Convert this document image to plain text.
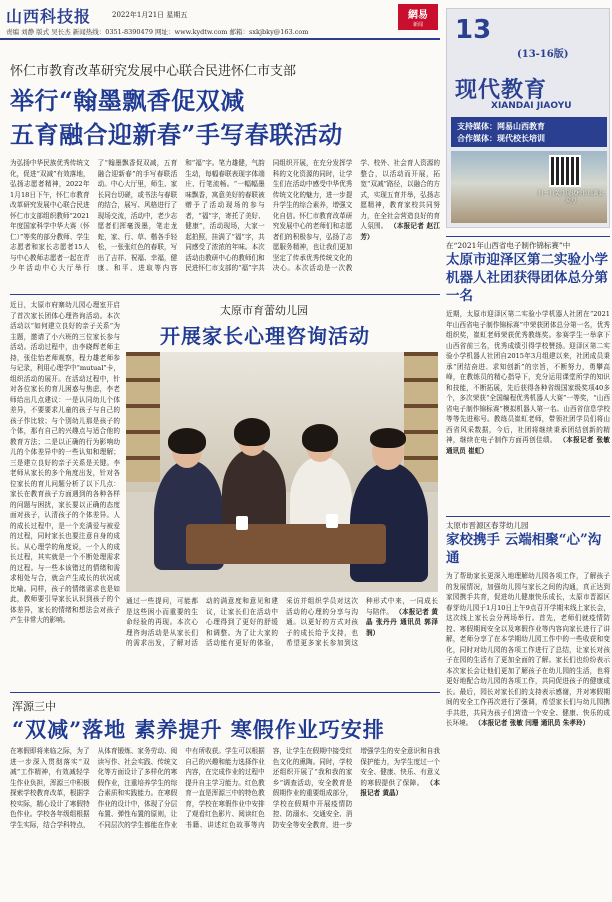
山西科技报	2022年1月21日 星期五
责编 刘静 版式 吴长杰 新闻热线：0351-8390479 网址：www.kydtw.com 邮箱：sxkjbky@163.com
網易
新闻	13
(13-16版)
现代教育
XIANDAI JIAOYU
支持媒体：网易山西教育
合作媒体：现代校长培训
扫一扫关注现代校长培训公众号
怀仁市教育改革研究发展中心联合民进怀仁市支部
举行“翰墨飘香促双减
五育融合迎新春”手写春联活动
为弘扬中华民族优秀传统文化，促进“双减”有效落地，弘扬志愿者精神，2022年1月18日下午，怀仁市教育改革研究发展中心联合民进怀仁市支部组织教师“2021年度国家科学中华大赛（怀仁）”等奖的部分教师、学生志愿者和家长志愿者15人与中心教师志愿者一起在青少年活动中心大厅举行了“翰墨飘香促双减，五育融合迎新春”的手写春联活动。中心大厅里，师生、家长同台切磋，或书法与春联的结合，展写、风格进行了现场交流，活动中，老少志愿者们挥毫泼墨，笔走龙蛇，家、行、草、楷各手轻松，一张张红色的春联，写出了吉祥、祝福、幸福，健康、和平、进取等内容和“福”字。笔力雄健，气韵生动，每幅春联表现字体端庄、行笔流畅。“一幅幅墨味飘香，寓意美好的春联被赠予了活动现场的参与者，“福”字，寄托了美好、健康”，活动现场，大家一起拍照，挂满了“福”字，共同感受了浓浓的年味。本次活动由教研中心的教师们和民进怀仁市支部的“福”字共同组织开展，在充分发挥学科的文化资源的同时，让学生们在活动中感受中华优秀传统文化的魅力，进一步提升学生的综合素养，增强文化自信。怀仁市教育改革研究发展中心的老师们和志愿者们的积极参与，弘扬了志愿服务精神，也让我们更加坚定了传承优秀传统文化的决心。本次活动是一次教学、校外、社会育人资源的整合，以活动而开展，拓宽“双减”路径，以融合的方式，实现五育并举，弘扬志愿精神，教育家校共同努力，在全社会营造良好的育人氛围。 （本报记者 赵江芳）
近日，太原市府寨幼儿园心理室开启了首次家长团体心理咨询活动。本次活动以“如何建立良好的亲子关系”为主题，邀请了小六班的三位家长参与活动。活动过程中，由李晓辉老师主持，张佳怡老师观察，程力雄老师参与记录，利用心理学中“mutual”卡，组织活动的展开。在活动过程中，针对各位家长的育儿困惑与焦虑，李老师给出几点建议：一是认同幼儿个体差异，不要要求儿童的孩子与自己的孩子作比较；与个别幼儿那是孩子的个体，那有自己的兴趣点与适合他的教育方法；二是以正确的行为影响幼儿的个体差异中的一些认知和理解；三是建立良好的亲子关系是关键。李老师从家长的多个角度出发，针对各位家长的育儿问题分析了以下几点：家长在教育孩子方面遇到的各种各样的问题与困扰，家长要以正确的态度面对孩子，认清孩子的个体差异。人的成长过程中，是一个充满爱与被爱的过程，同时家长也要注意自身的成长。从心理学的角度说，一个人的成长过程，其实就是一个不断处理需求的过程。与一些本该错过的情绪和需求相处与合，就会产生成长的状况或比喻。同样，孩子的情绪需求也是如此，教师要引导家长认识到孩子的个体差异，家长的情绪和想法会对孩子产生非常大的影响。
太原市育蕾幼儿园
开展家长心理咨询活动
通过一些提问，可能都是这些困小而重要的生命经验的再现。本次心理咨询活动是从家长们的需求出发，了解对活动的满意度和意见和建议，让家长们在活动中心理得到了更好的舒缓和调整。为了让大家的活动能有更好的体验，采访并组织学员对这次活动的心理的分享与沟通。以更好的方式对孩子的成长给予支持，也希望更多家长参加到这种形式中来，一同成长与陪伴。 （本报记者 黄晶 张丹丹 通讯员 郭泽润）
浑源三中
“双减”落地 素养提升 寒假作业巧安排
在寒假即将来临之际，为了进一步深入贯彻落实“双减”工作精神，有效减轻学生作业负担，浑源三中积极探索学校教育改革，根据学校实际，精心设计了寒假特色作业。学校各年级组根据学生实际，结合学科特点，从体育锻炼、家务劳动、阅读写作、社会实践、传统文化等方面设计了多样化的寒假作业，注重培养学生的综合素质和实践能力。在寒假作业的设计中，体现了分层布置、弹性布置的原则，让不同层次的学生都能在作业中有所收获。学生可以根据自己的兴趣和能力选择作业内容，在完成作业的过程中提升自主学习能力。红色教育一直是浑源三中的特色教育，学校在寒假作业中安排了观看红色影片、阅读红色书籍、讲述红色故事等内容，让学生在假期中接受红色文化的熏陶。同时，学校还组织开展了“我和我的家乡”调查活动，安全教育是假期作业的重要组成部分，学校在假期中开展疫情防控、防溺水、交通安全、消防安全等安全教育，进一步增强学生的安全意识和自我保护能力，为学生度过一个安全、健康、快乐、有意义的寒假提供了保障。 （本报记者 黄晶）
在“2021年山西省电子制作锦标赛”中
太原市迎泽区第二实验小学机器人社团获得团体总分第一名
近期，太原市迎泽区第二实验小学机器人社团在“2021年山西省电子制作锦标赛”中荣获团体总分第一名，优秀组织奖，崔虹老师荣获优秀教练奖。参赛学生一举拿下山西省前三名，优秀成绩引得学校赞扬。迎泽区第二实验小学机器人社团自2015年3月组建以来，社团成员秉承“团结奋进、求知创新”的宗旨，不断努力，勇攀高峰，在教练员的精心指导下，充分运用课堂所学的知识和技能，不断拓展，先后获得各种省级国家级奖项40多个，多次荣获“全国编程优秀机器人大赛”一等奖，“山西省电子制作锦标赛”模拟机器人第一名。山西省信息学校等等先进称号。教练员崔虹老师，带领社团学员们将山西省风采数据，今后，社团将继续秉承团结创新的精神，继续在电子制作方面再创佳绩。 （本报记者 张敏 通讯员 崔虹）
太原市晋源区春芽幼儿园
家校携手 云端相聚“心”沟通
为了帮助家长更深入地理解幼儿园各项工作，了解孩子的发展情况，加强幼儿园与家长之间的沟通，真正达到家园携手共育，促进幼儿健康快乐成长，太原市晋源区春芽幼儿园于1月10日上午9点召开学期末线上家长会，这次线上家长会分两场举行。首先，老师们就疫情防控、寒假期间安全以及寒假作业等内容向家长进行了讲解，老师分享了在本学期幼儿园工作中的一些收获和变化，同时对幼儿园的各项工作进行了总结，让家长对孩子在园的生活有了更加全面的了解。家长们也纷纷表示本次家长会让他们更加了解孩子在幼儿园的生活，也将更好地配合幼儿园的各项工作，共同促进孩子的健康成长。最后，园长对家长们的支持表示感谢，并对寒假期间的安全工作再次进行了强调，希望家长们与幼儿园携手共进，共同为孩子们营造一个安全、健康、快乐的成长环境。 （本报记者 张敏 闫珊 通讯员 朱孝玲）
